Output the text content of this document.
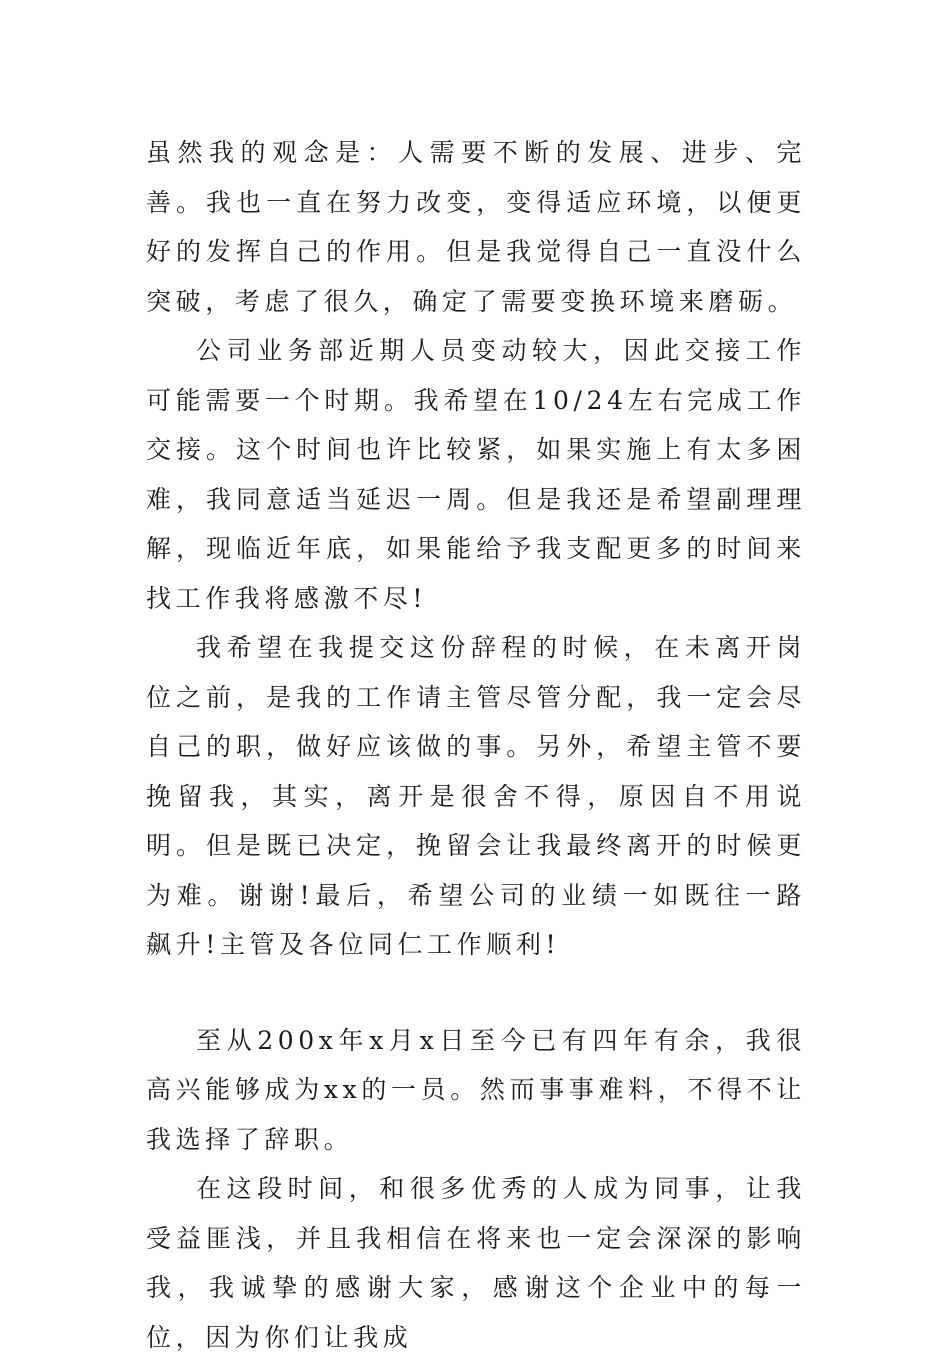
虽然我的观念是：人需要不断的发展、进步、完善。我也一直在努力改变，变得适应环境，以便更好的发挥自己的作用。但是我觉得自己一直没什么突破，考虑了很久，确定了需要变换环境来磨砺。

公司业务部近期人员变动较大，因此交接工作可能需要一个时期。我希望在10/24左右完成工作交接。这个时间也许比较紧，如果实施上有太多困难，我同意适当延迟一周。但是我还是希望副理理解，现临近年底，如果能给予我支配更多的时间来找工作我将感激不尽!

我希望在我提交这份辞程的时候，在未离开岗位之前，是我的工作请主管尽管分配，我一定会尽自己的职，做好应该做的事。另外，希望主管不要挽留我，其实，离开是很舍不得，原因自不用说明。但是既已决定，挽留会让我最终离开的时候更为难。谢谢!最后，希望公司的业绩一如既往一路飙升!主管及各位同仁工作顺利!

至从200x年x月x日至今已有四年有余，我很高兴能够成为xx的一员。然而事事难料，不得不让我选择了辞职。

在这段时间，和很多优秀的人成为同事，让我受益匪浅，并且我相信在将来也一定会深深的影响我，我诚挚的感谢大家，感谢这个企业中的每一位，因为你们让我成
